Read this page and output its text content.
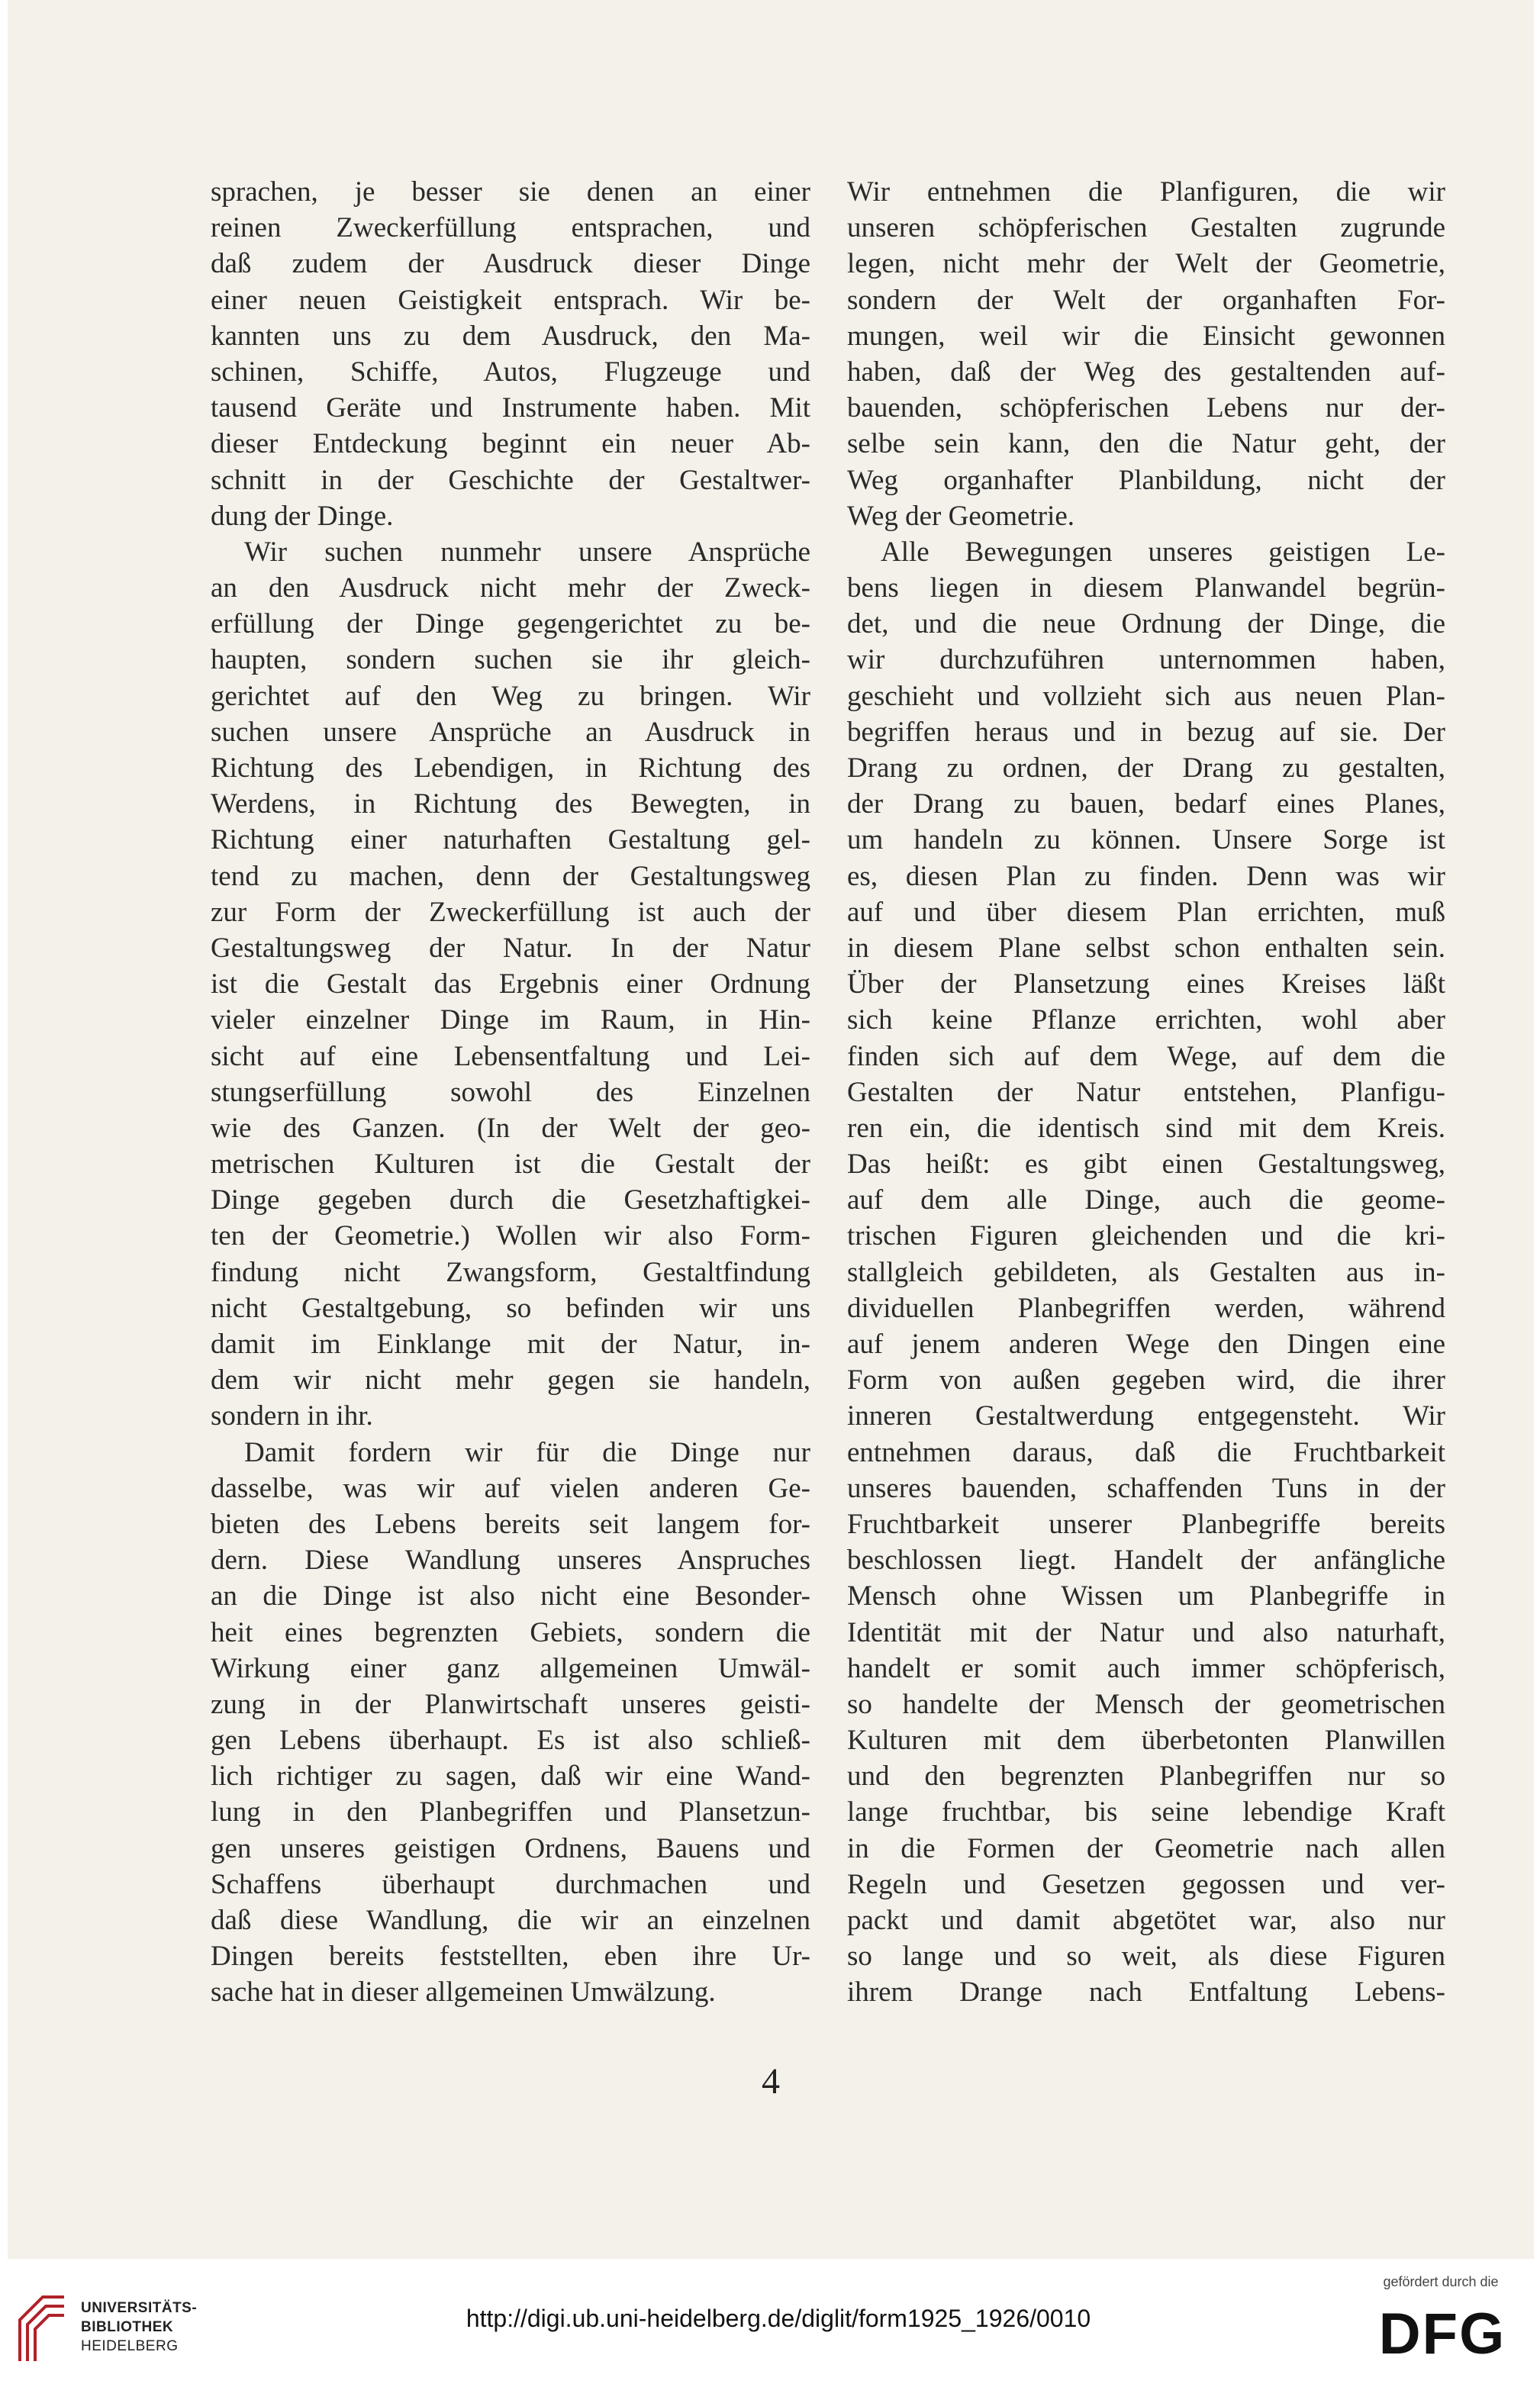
sprachen, je besser sie denen an einer
reinen Zweckerfüllung entsprachen, und
daß zudem der Ausdruck dieser Dinge
einer neuen Geistigkeit entsprach. Wir be-
kannten uns zu dem Ausdruck, den Ma-
schinen, Schiffe, Autos, Flugzeuge und
tausend Geräte und Instrumente haben. Mit
dieser Entdeckung beginnt ein neuer Ab-
schnitt in der Geschichte der Gestaltwer-
dung der Dinge.
Wir suchen nunmehr unsere Ansprüche
an den Ausdruck nicht mehr der Zweck-
erfüllung der Dinge gegengerichtet zu be-
haupten, sondern suchen sie ihr gleich-
gerichtet auf den Weg zu bringen. Wir
suchen unsere Ansprüche an Ausdruck in
Richtung des Lebendigen, in Richtung des
Werdens, in Richtung des Bewegten, in
Richtung einer naturhaften Gestaltung gel-
tend zu machen, denn der Gestaltungsweg
zur Form der Zweckerfüllung ist auch der
Gestaltungsweg der Natur. In der Natur
ist die Gestalt das Ergebnis einer Ordnung
vieler einzelner Dinge im Raum, in Hin-
sicht auf eine Lebensentfaltung und Lei-
stungserfüllung sowohl des Einzelnen
wie des Ganzen. (In der Welt der geo-
metrischen Kulturen ist die Gestalt der
Dinge gegeben durch die Gesetzhaftigkei-
ten der Geometrie.) Wollen wir also Form-
findung nicht Zwangsform, Gestaltfindung
nicht Gestaltgebung, so befinden wir uns
damit im Einklange mit der Natur, in-
dem wir nicht mehr gegen sie handeln,
sondern in ihr.
Damit fordern wir für die Dinge nur
dasselbe, was wir auf vielen anderen Ge-
bieten des Lebens bereits seit langem for-
dern. Diese Wandlung unseres Anspruches
an die Dinge ist also nicht eine Besonder-
heit eines begrenzten Gebiets, sondern die
Wirkung einer ganz allgemeinen Umwäl-
zung in der Planwirtschaft unseres geisti-
gen Lebens überhaupt. Es ist also schließ-
lich richtiger zu sagen, daß wir eine Wand-
lung in den Planbegriffen und Plansetzun-
gen unseres geistigen Ordnens, Bauens und
Schaffens überhaupt durchmachen und
daß diese Wandlung, die wir an einzelnen
Dingen bereits feststellten, eben ihre Ur-
sache hat in dieser allgemeinen Umwälzung.
Wir entnehmen die Planfiguren, die wir
unseren schöpferischen Gestalten zugrunde
legen, nicht mehr der Welt der Geometrie,
sondern der Welt der organhaften For-
mungen, weil wir die Einsicht gewonnen
haben, daß der Weg des gestaltenden auf-
bauenden, schöpferischen Lebens nur der-
selbe sein kann, den die Natur geht, der
Weg organhafter Planbildung, nicht der
Weg der Geometrie.
Alle Bewegungen unseres geistigen Le-
bens liegen in diesem Planwandel begrün-
det, und die neue Ordnung der Dinge, die
wir durchzuführen unternommen haben,
geschieht und vollzieht sich aus neuen Plan-
begriffen heraus und in bezug auf sie. Der
Drang zu ordnen, der Drang zu gestalten,
der Drang zu bauen, bedarf eines Planes,
um handeln zu können. Unsere Sorge ist
es, diesen Plan zu finden. Denn was wir
auf und über diesem Plan errichten, muß
in diesem Plane selbst schon enthalten sein.
Über der Plansetzung eines Kreises läßt
sich keine Pflanze errichten, wohl aber
finden sich auf dem Wege, auf dem die
Gestalten der Natur entstehen, Planfigu-
ren ein, die identisch sind mit dem Kreis.
Das heißt: es gibt einen Gestaltungsweg,
auf dem alle Dinge, auch die geome-
trischen Figuren gleichenden und die kri-
stallgleich gebildeten, als Gestalten aus in-
dividuellen Planbegriffen werden, während
auf jenem anderen Wege den Dingen eine
Form von außen gegeben wird, die ihrer
inneren Gestaltwerdung entgegensteht. Wir
entnehmen daraus, daß die Fruchtbarkeit
unseres bauenden, schaffenden Tuns in der
Fruchtbarkeit unserer Planbegriffe bereits
beschlossen liegt. Handelt der anfängliche
Mensch ohne Wissen um Planbegriffe in
Identität mit der Natur und also naturhaft,
handelt er somit auch immer schöpferisch,
so handelte der Mensch der geometrischen
Kulturen mit dem überbetonten Planwillen
und den begrenzten Planbegriffen nur so
lange fruchtbar, bis seine lebendige Kraft
in die Formen der Geometrie nach allen
Regeln und Gesetzen gegossen und ver-
packt und damit abgetötet war, also nur
so lange und so weit, als diese Figuren
ihrem Drange nach Entfaltung Lebens-
4
UNIVERSITÄTS-
BIBLIOTHEK
HEIDELBERG
http://digi.ub.uni-heidelberg.de/diglit/form1925_1926/0010
gefördert durch die
DFG
